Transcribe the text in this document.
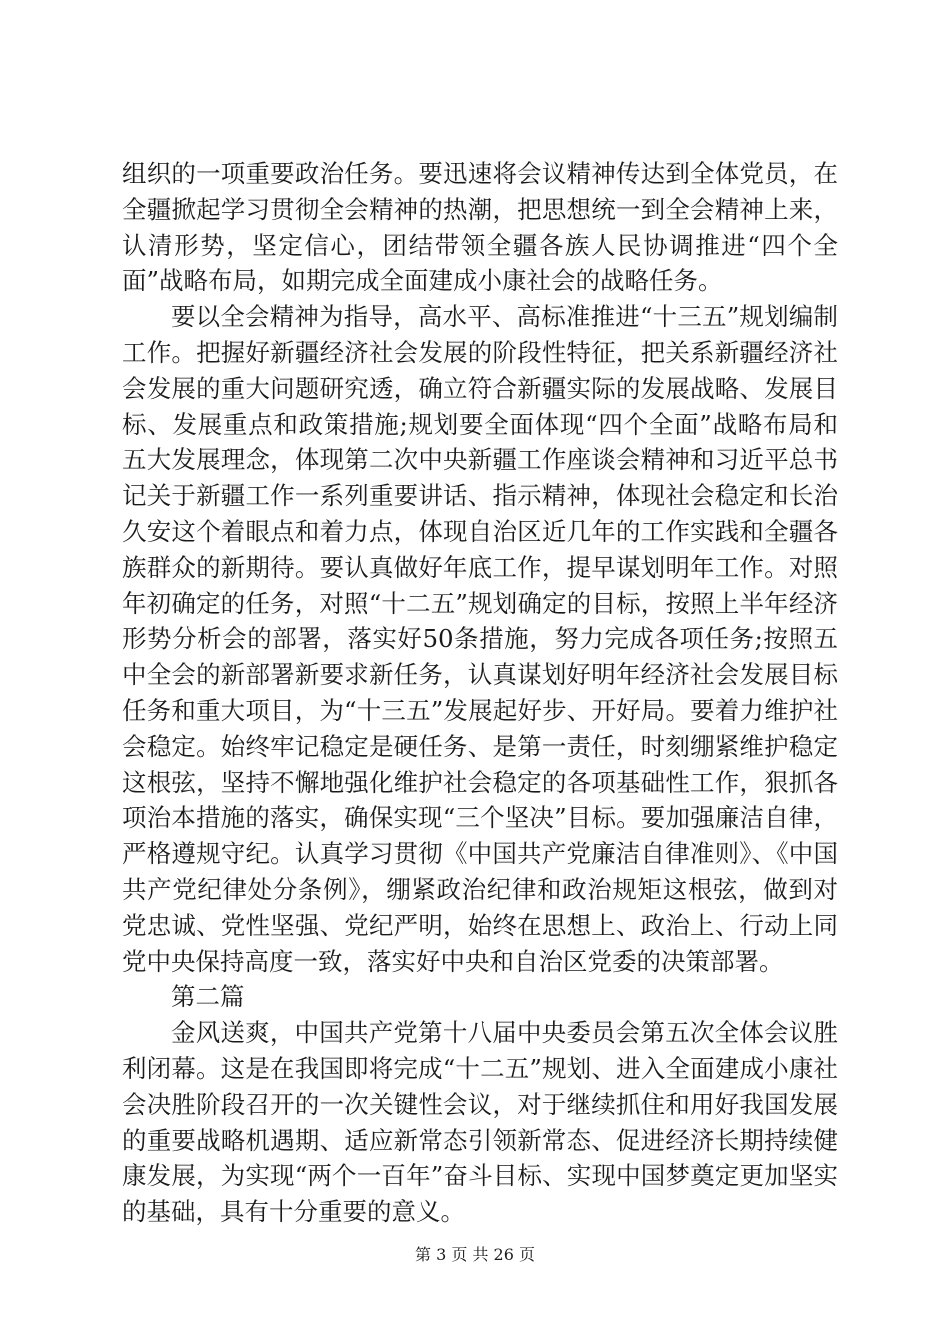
组织的一项重要政治任务。要迅速将会议精神传达到全体党员，在全疆掀起学习贯彻全会精神的热潮，把思想统一到全会精神上来，认清形势，坚定信心，团结带领全疆各族人民协调推进“四个全面”战略布局，如期完成全面建成小康社会的战略任务。

要以全会精神为指导，高水平、高标准推进“十三五”规划编制工作。把握好新疆经济社会发展的阶段性特征，把关系新疆经济社会发展的重大问题研究透，确立符合新疆实际的发展战略、发展目标、发展重点和政策措施;规划要全面体现“四个全面”战略布局和五大发展理念，体现第二次中央新疆工作座谈会精神和习近平总书记关于新疆工作一系列重要讲话、指示精神，体现社会稳定和长治久安这个着眼点和着力点，体现自治区近几年的工作实践和全疆各族群众的新期待。要认真做好年底工作，提早谋划明年工作。对照年初确定的任务，对照“十二五”规划确定的目标，按照上半年经济形势分析会的部署，落实好50条措施，努力完成各项任务;按照五中全会的新部署新要求新任务，认真谋划好明年经济社会发展目标任务和重大项目，为“十三五”发展起好步、开好局。要着力维护社会稳定。始终牢记稳定是硬任务、是第一责任，时刻绷紧维护稳定这根弦，坚持不懈地强化维护社会稳定的各项基础性工作，狠抓各项治本措施的落实，确保实现“三个坚决”目标。要加强廉洁自律，严格遵规守纪。认真学习贯彻《中国共产党廉洁自律准则》、《中国共产党纪律处分条例》，绷紧政治纪律和政治规矩这根弦，做到对党忠诚、党性坚强、党纪严明，始终在思想上、政治上、行动上同党中央保持高度一致，落实好中央和自治区党委的决策部署。

第二篇

金风送爽，中国共产党第十八届中央委员会第五次全体会议胜利闭幕。这是在我国即将完成“十二五”规划、进入全面建成小康社会决胜阶段召开的一次关键性会议，对于继续抓住和用好我国发展的重要战略机遇期、适应新常态引领新常态、促进经济长期持续健康发展，为实现“两个一百年”奋斗目标、实现中国梦奠定更加坚实的基础，具有十分重要的意义。

第 3 页 共 26 页
